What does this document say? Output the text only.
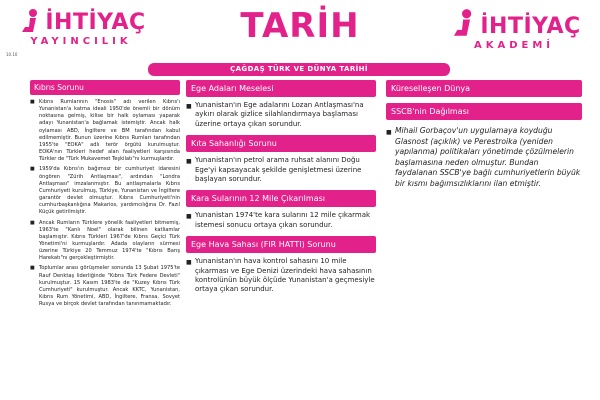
İHTİYAÇ
YAYINCILIK
10.10
TARİH	İHTİYAÇ
AKADEMİ
ÇAĞDAŞ TÜRK VE DÜNYA TARİHİ
Kıbrıs Sorunu
■ Kıbrıs Rumlarının "Enosis" adı verilen Kıbrıs'ı Yunanistan'a katma ideali 1950'de önemli bir dönüm noktasına gelmiş, kilise bir halk oylaması yaparak adayı Yunanistan'a bağlamak istemiştir. Ancak halk oylaması ABD, İngiltere ve BM tarafından kabul edilmemiştir. Bunun üzerine Kıbrıs Rumları tarafından 1955'te "EOKA" adlı terör örgütü kurulmuştur. EOKA'nın Türkleri hedef alan faaliyetleri karşısında Türkler de "Türk Mukavemet Teşkilatı"nı kurmuşlardır.
■ 1959'da Kıbrıs'ın bağımsız bir cumhuriyet idaresini öngören "Zürih Antlaşması", ardından "Londra Antlaşması" imzalanmıştır. Bu antlaşmalarla Kıbrıs Cumhuriyeti kurulmuş, Türkiye, Yunanistan ve İngiltere garantör devlet olmuştur. Kıbrıs Cumhuriyeti'nin cumhurbaşkanlığına Makarios, yardımcılığına Dr. Fazıl Küçük getirilmiştir.
■ Ancak Rumların Türklere yönelik faaliyetleri bitmemiş, 1963'te "Kanlı Noel" olarak bilinen katliamlar başlamıştır. Kıbrıs Türkleri 1967'de Kıbrıs Geçici Türk Yönetimi'ni kurmuşlardır. Adada olayların sürmesi üzerine Türkiye 20 Temmuz 1974'te "Kıbrıs Barış Harekatı"nı gerçekleştirmiştir.
■ Toplumlar arası görüşmeler sonunda 13 Şubat 1975'te Rauf Denktaş liderliğinde "Kıbrıs Türk Federe Devleti" kurulmuştur. 15 Kasım 1983'te de "Kuzey Kıbrıs Türk Cumhuriyeti" kurulmuştur. Ancak KKTC, Yunanistan, Kıbrıs Rum Yönetimi, ABD, İngiltere, Fransa, Sovyet Rusya ve birçok devlet tarafından tanınmamaktadır.
Ege Adaları Meselesi
■ Yunanistan'ın Ege adalarını Lozan Antlaşması'na aykırı olarak gizlice silahlandırmaya başlaması üzerine ortaya çıkan sorundur.
Kıta Sahanlığı Sorunu
■ Yunanistan'ın petrol arama ruhsat alanını Doğu Ege'yi kapsayacak şekilde genişletmesi üzerine başlayan sorundur.
Kara Sularının 12 Mile Çıkarılması
■ Yunanistan 1974'te kara sularını 12 mile çıkarmak istemesi sonucu ortaya çıkan sorundur.
Ege Hava Sahası (FIR HATTI) Sorunu
■ Yunanistan'ın hava kontrol sahasını 10 mile çıkarması ve Ege Denizi üzerindeki hava sahasının kontrolünün büyük ölçüde Yunanistan'a geçmesiyle ortaya çıkan sorundur.
Küreselleşen Dünya
SSCB'nin Dağılması
■ Mihail Gorbaçov'un uygulamaya koyduğu Glasnost (açıklık) ve Perestroika (yeniden yapılanma) politikaları yönetimde çözülmelerin başlamasına neden olmuştur. Bundan faydalanan SSCB'ye bağlı cumhuriyetlerin büyük bir kısmı bağımsızlıklarını ilan etmiştir.
